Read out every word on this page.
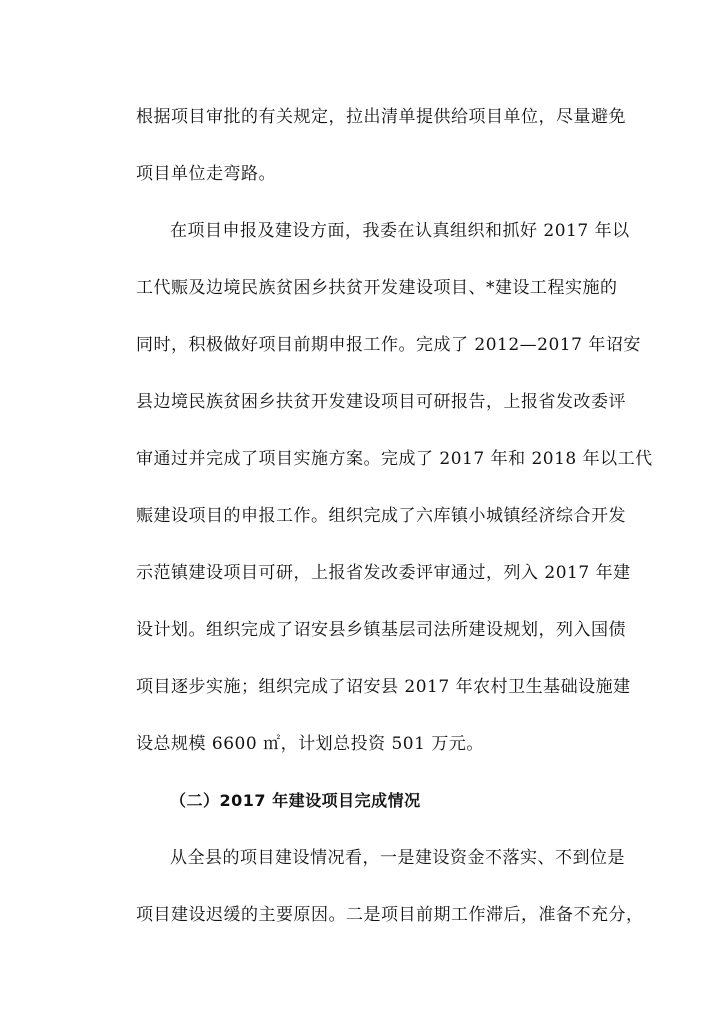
根据项目审批的有关规定，拉出清单提供给项目单位，尽量避免
项目单位走弯路。
在项目申报及建设方面，我委在认真组织和抓好 2017 年以
工代赈及边境民族贫困乡扶贫开发建设项目、*建设工程实施的
同时，积极做好项目前期申报工作。完成了 2012—2017 年诏安
县边境民族贫困乡扶贫开发建设项目可研报告，上报省发改委评
审通过并完成了项目实施方案。完成了 2017 年和 2018 年以工代
赈建设项目的申报工作。组织完成了六库镇小城镇经济综合开发
示范镇建设项目可研，上报省发改委评审通过，列入 2017 年建
设计划。组织完成了诏安县乡镇基层司法所建设规划，列入国债
项目逐步实施；组织完成了诏安县 2017 年农村卫生基础设施建
设总规模 6600 ㎡，计划总投资 501 万元。
（二）2017 年建设项目完成情况
从全县的项目建设情况看，一是建设资金不落实、不到位是
项目建设迟缓的主要原因。二是项目前期工作滞后，准备不充分，
